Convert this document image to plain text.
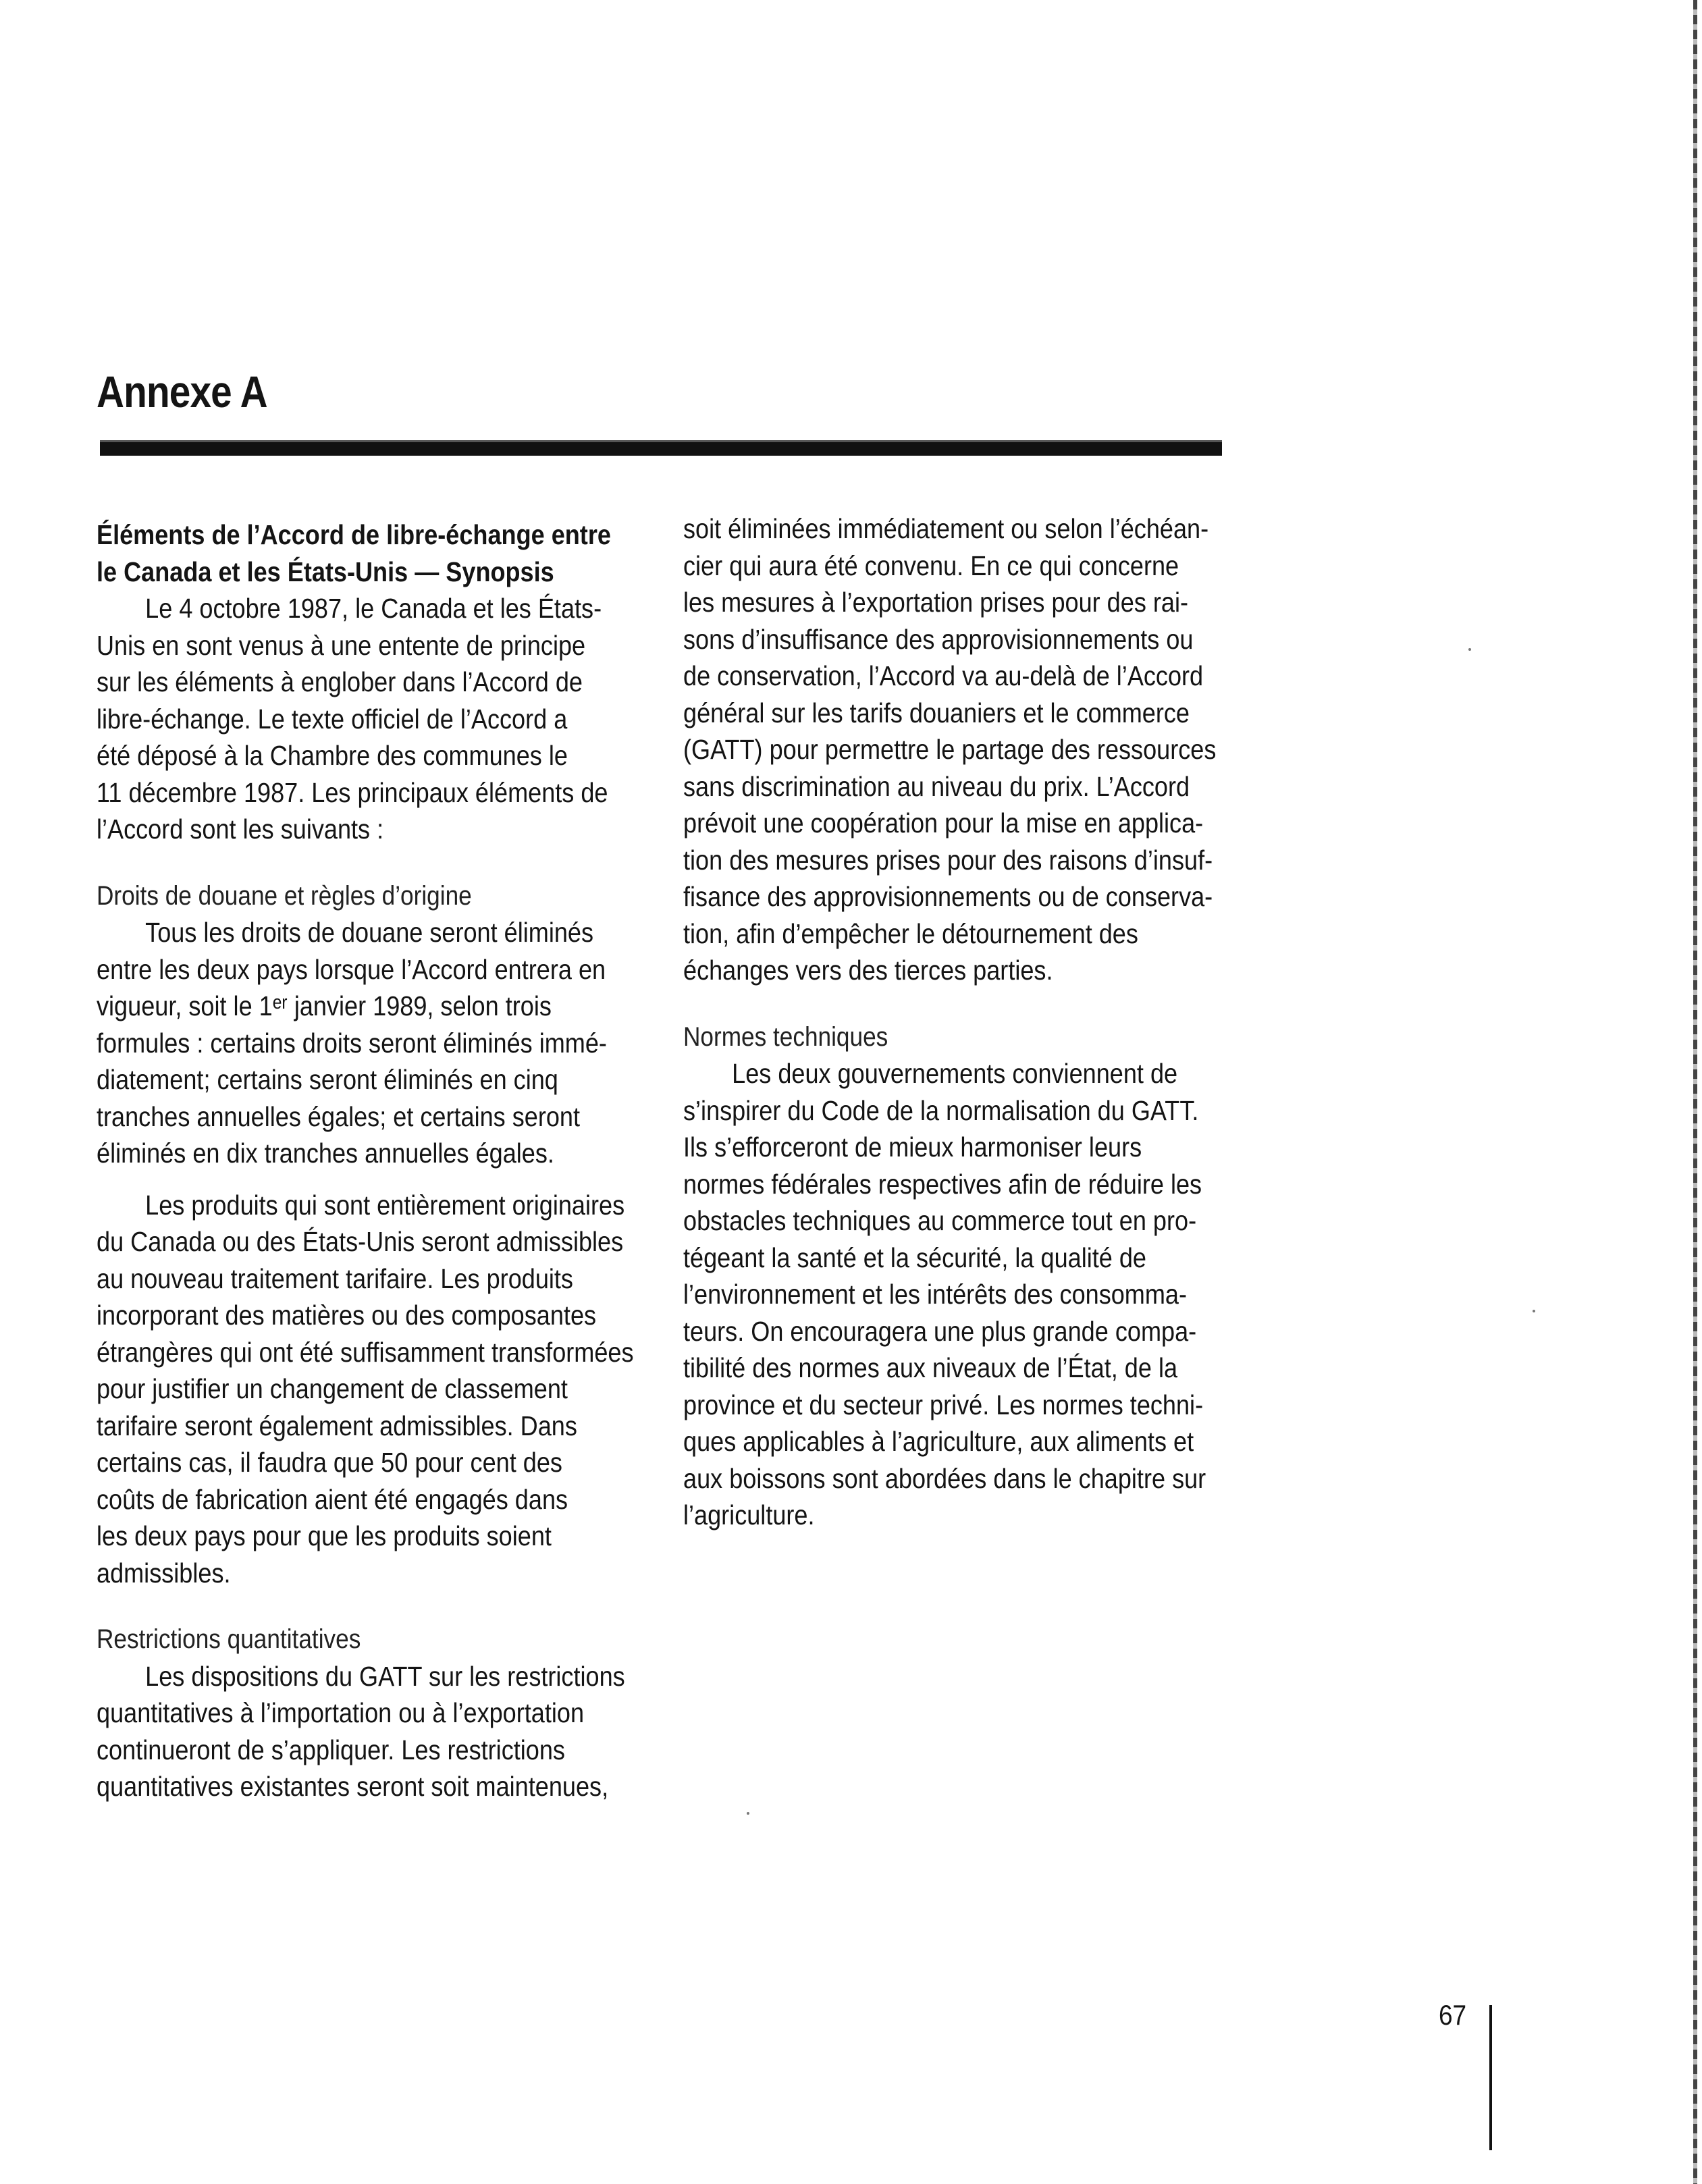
Annexe A
Éléments de l’Accord de libre-échange entre
le Canada et les États-Unis — Synopsis
Le 4 octobre 1987, le Canada et les États-
Unis en sont venus à une entente de principe
sur les éléments à englober dans l’Accord de
libre-échange. Le texte officiel de l’Accord a
été déposé à la Chambre des communes le
11 décembre 1987. Les principaux éléments de
l’Accord sont les suivants :
Droits de douane et règles d’origine
Tous les droits de douane seront éliminés
entre les deux pays lorsque l’Accord entrera en
vigueur, soit le 1ᵉʳ janvier 1989, selon trois
formules : certains droits seront éliminés immé-
diatement; certains seront éliminés en cinq
tranches annuelles égales; et certains seront
éliminés en dix tranches annuelles égales.
Les produits qui sont entièrement originaires
du Canada ou des États-Unis seront admissibles
au nouveau traitement tarifaire. Les produits
incorporant des matières ou des composantes
étrangères qui ont été suffisamment transformées
pour justifier un changement de classement
tarifaire seront également admissibles. Dans
certains cas, il faudra que 50 pour cent des
coûts de fabrication aient été engagés dans
les deux pays pour que les produits soient
admissibles.
Restrictions quantitatives
Les dispositions du GATT sur les restrictions
quantitatives à l’importation ou à l’exportation
continueront de s’appliquer. Les restrictions
quantitatives existantes seront soit maintenues,
soit éliminées immédiatement ou selon l’échéan-
cier qui aura été convenu. En ce qui concerne
les mesures à l’exportation prises pour des rai-
sons d’insuffisance des approvisionnements ou
de conservation, l’Accord va au-delà de l’Accord
général sur les tarifs douaniers et le commerce
(GATT) pour permettre le partage des ressources
sans discrimination au niveau du prix. L’Accord
prévoit une coopération pour la mise en applica-
tion des mesures prises pour des raisons d’insuf-
fisance des approvisionnements ou de conserva-
tion, afin d’empêcher le détournement des
échanges vers des tierces parties.
Normes techniques
Les deux gouvernements conviennent de
s’inspirer du Code de la normalisation du GATT.
Ils s’efforceront de mieux harmoniser leurs
normes fédérales respectives afin de réduire les
obstacles techniques au commerce tout en pro-
tégeant la santé et la sécurité, la qualité de
l’environnement et les intérêts des consomma-
teurs. On encouragera une plus grande compa-
tibilité des normes aux niveaux de l’État, de la
province et du secteur privé. Les normes techni-
ques applicables à l’agriculture, aux aliments et
aux boissons sont abordées dans le chapitre sur
l’agriculture.
67
